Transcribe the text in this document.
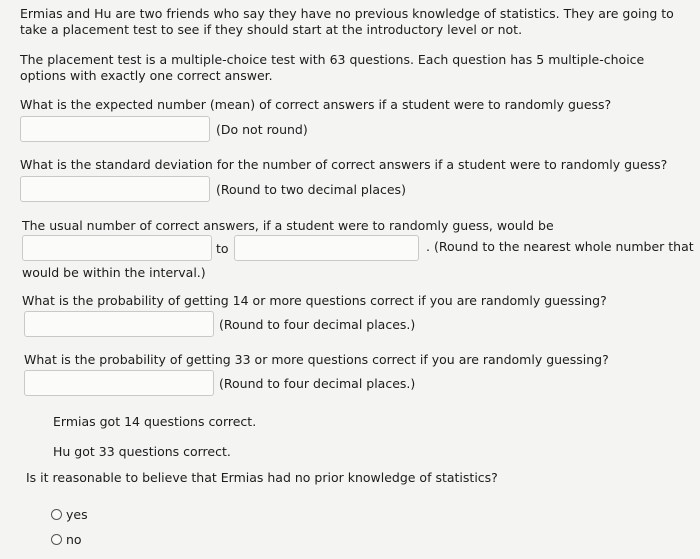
Ermias and Hu are two friends who say they have no previous knowledge of statistics. They are going to take a placement test to see if they should start at the introductory level or not.
The placement test is a multiple-choice test with 63 questions. Each question has 5 multiple-choice options with exactly one correct answer.
What is the expected number (mean) of correct answers if a student were to randomly guess?
(Do not round)
What is the standard deviation for the number of correct answers if a student were to randomly guess?
(Round to two decimal places)
The usual number of correct answers, if a student were to randomly guess, would be
to	. (Round to the nearest whole number that
would be within the interval.)
What is the probability of getting 14 or more questions correct if you are randomly guessing?
(Round to four decimal places.)
What is the probability of getting 33 or more questions correct if you are randomly guessing?
(Round to four decimal places.)
Ermias got 14 questions correct.
Hu got 33 questions correct.
Is it reasonable to believe that Ermias had no prior knowledge of statistics?
yes
no
